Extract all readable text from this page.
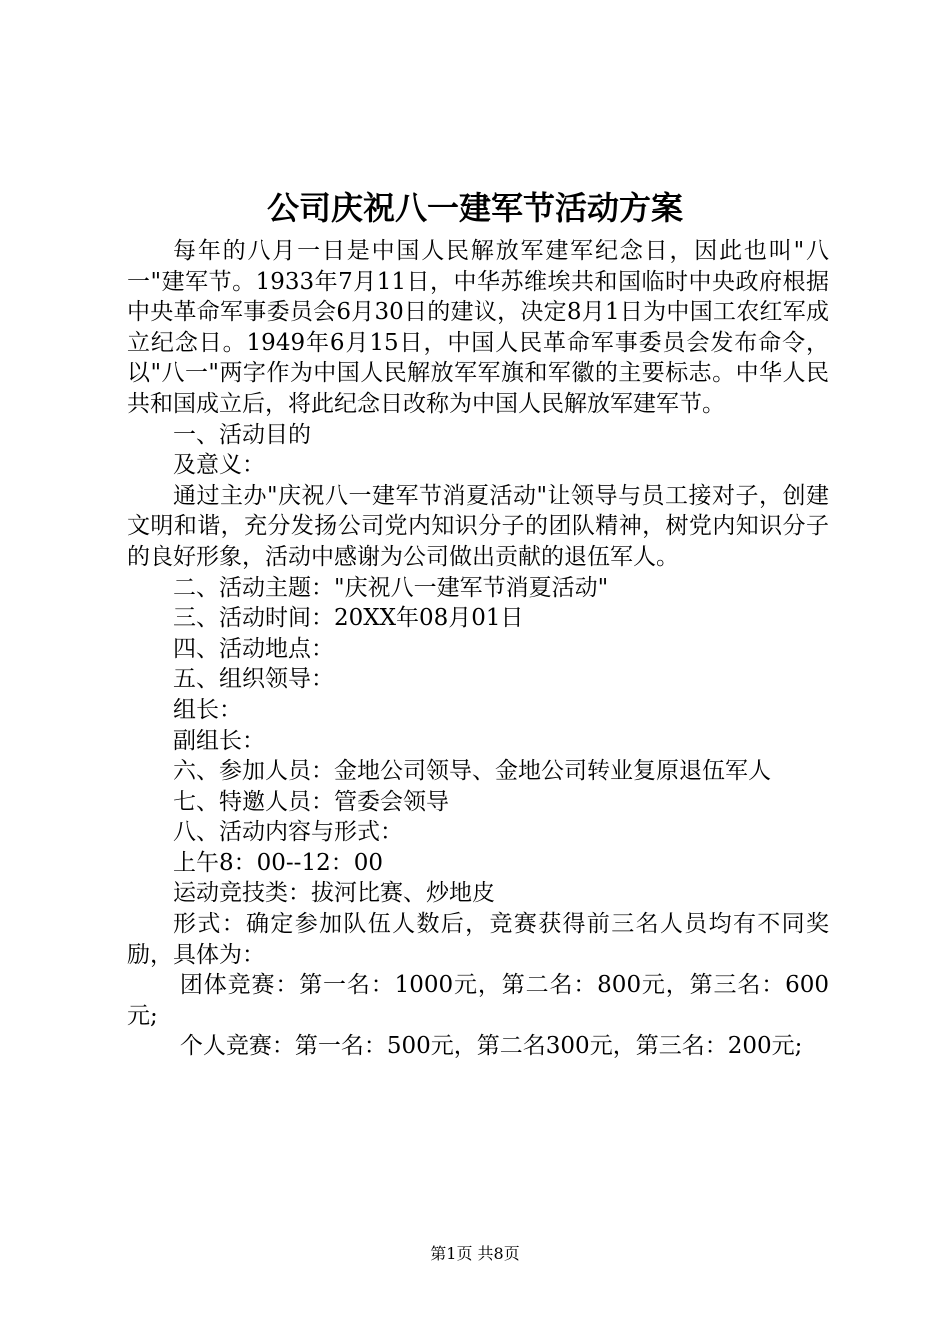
公司庆祝八一建军节活动方案

每年的八月一日是中国人民解放军建军纪念日，因此也叫"八一"建军节。1933年7月11日，中华苏维埃共和国临时中央政府根据中央革命军事委员会6月30日的建议，决定8月1日为中国工农红军成立纪念日。1949年6月15日，中国人民革命军事委员会发布命令，以"八一"两字作为中国人民解放军军旗和军徽的主要标志。中华人民共和国成立后，将此纪念日改称为中国人民解放军建军节。

一、活动目的

及意义：

通过主办"庆祝八一建军节消夏活动"让领导与员工接对子，创建文明和谐，充分发扬公司党内知识分子的团队精神，树党内知识分子的良好形象，活动中感谢为公司做出贡献的退伍军人。

二、活动主题："庆祝八一建军节消夏活动"

三、活动时间：20XX年08月01日

四、活动地点：

五、组织领导：

组长：

副组长：

六、参加人员：金地公司领导、金地公司转业复原退伍军人

七、特邀人员：管委会领导

八、活动内容与形式：

上午8：00--12：00

运动竞技类：拔河比赛、炒地皮

形式：确定参加队伍人数后，竞赛获得前三名人员均有不同奖励，具体为：

团体竞赛：第一名：1000元，第二名：800元，第三名：600元;

个人竞赛：第一名：500元，第二名300元，第三名：200元;

第1页 共8页
